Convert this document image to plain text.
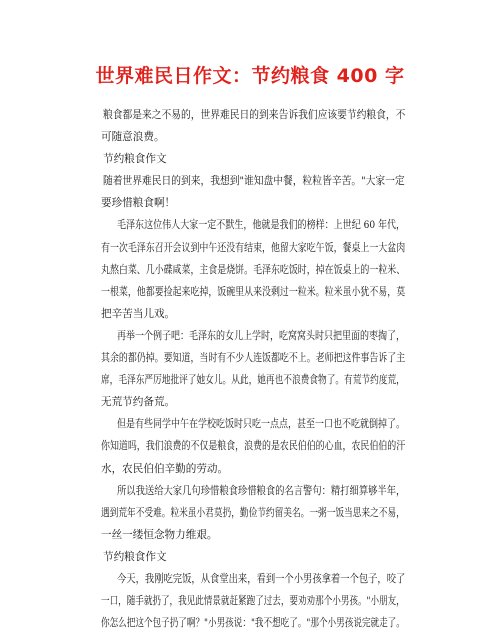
世界难民日作文：节约粮食 400 字
粮食都是来之不易的，世界难民日的到来告诉我们应该要节约粮食，不
可随意浪费。
节约粮食作文
随着世界难民日的到来，我想到"谁知盘中餐，粒粒皆辛苦。"大家一定
要珍惜粮食啊！
毛泽东这位伟人大家一定不默生，他就是我们的榜样：上世纪 60 年代，
有一次毛泽东召开会议到中午还没有结束，他留大家吃午饭，餐桌上一大盆肉
丸熬白菜、几小碟咸菜，主食是烧饼。毛泽东吃饭时，掉在饭桌上的一粒米、
一根菜，他都要捡起来吃掉，饭碗里从来没剩过一粒米。粒米虽小犹不易，莫
把辛苦当儿戏。
再举一个例子吧：毛泽东的女儿上学时，吃窝窝头时只把里面的枣掏了，
其余的都仍掉。要知道，当时有不少人连饭都吃不上。老师把这件事告诉了主
席，毛泽东严厉地批评了她女儿。从此，她再也不浪费食物了。有荒节约度荒，
无荒节约备荒。
但是有些同学中午在学校吃饭时只吃一点点，甚至一口也不吃就倒掉了。
你知道吗，我们浪费的不仅是粮食，浪费的是农民伯伯的心血，农民伯伯的汗
水，农民伯伯辛勤的劳动。
所以我送给大家几句珍惜粮食珍惜粮食的名言警句：精打细算够半年，
遇到荒年不受难。粒米虽小君莫扔，勤俭节约留美名。一粥一饭当思来之不易，
一丝一缕恒念物力维艰。
节约粮食作文
今天，我刚吃完饭，从食堂出来，看到一个小男孩拿着一个包子，咬了
一口，随手就扔了，我见此情景就赶紧跑了过去，要劝劝那个小男孩。"小朋友，
你怎么把这个包子扔了啊？"小男孩说："我不想吃了。"那个小男孩说完就走了。
